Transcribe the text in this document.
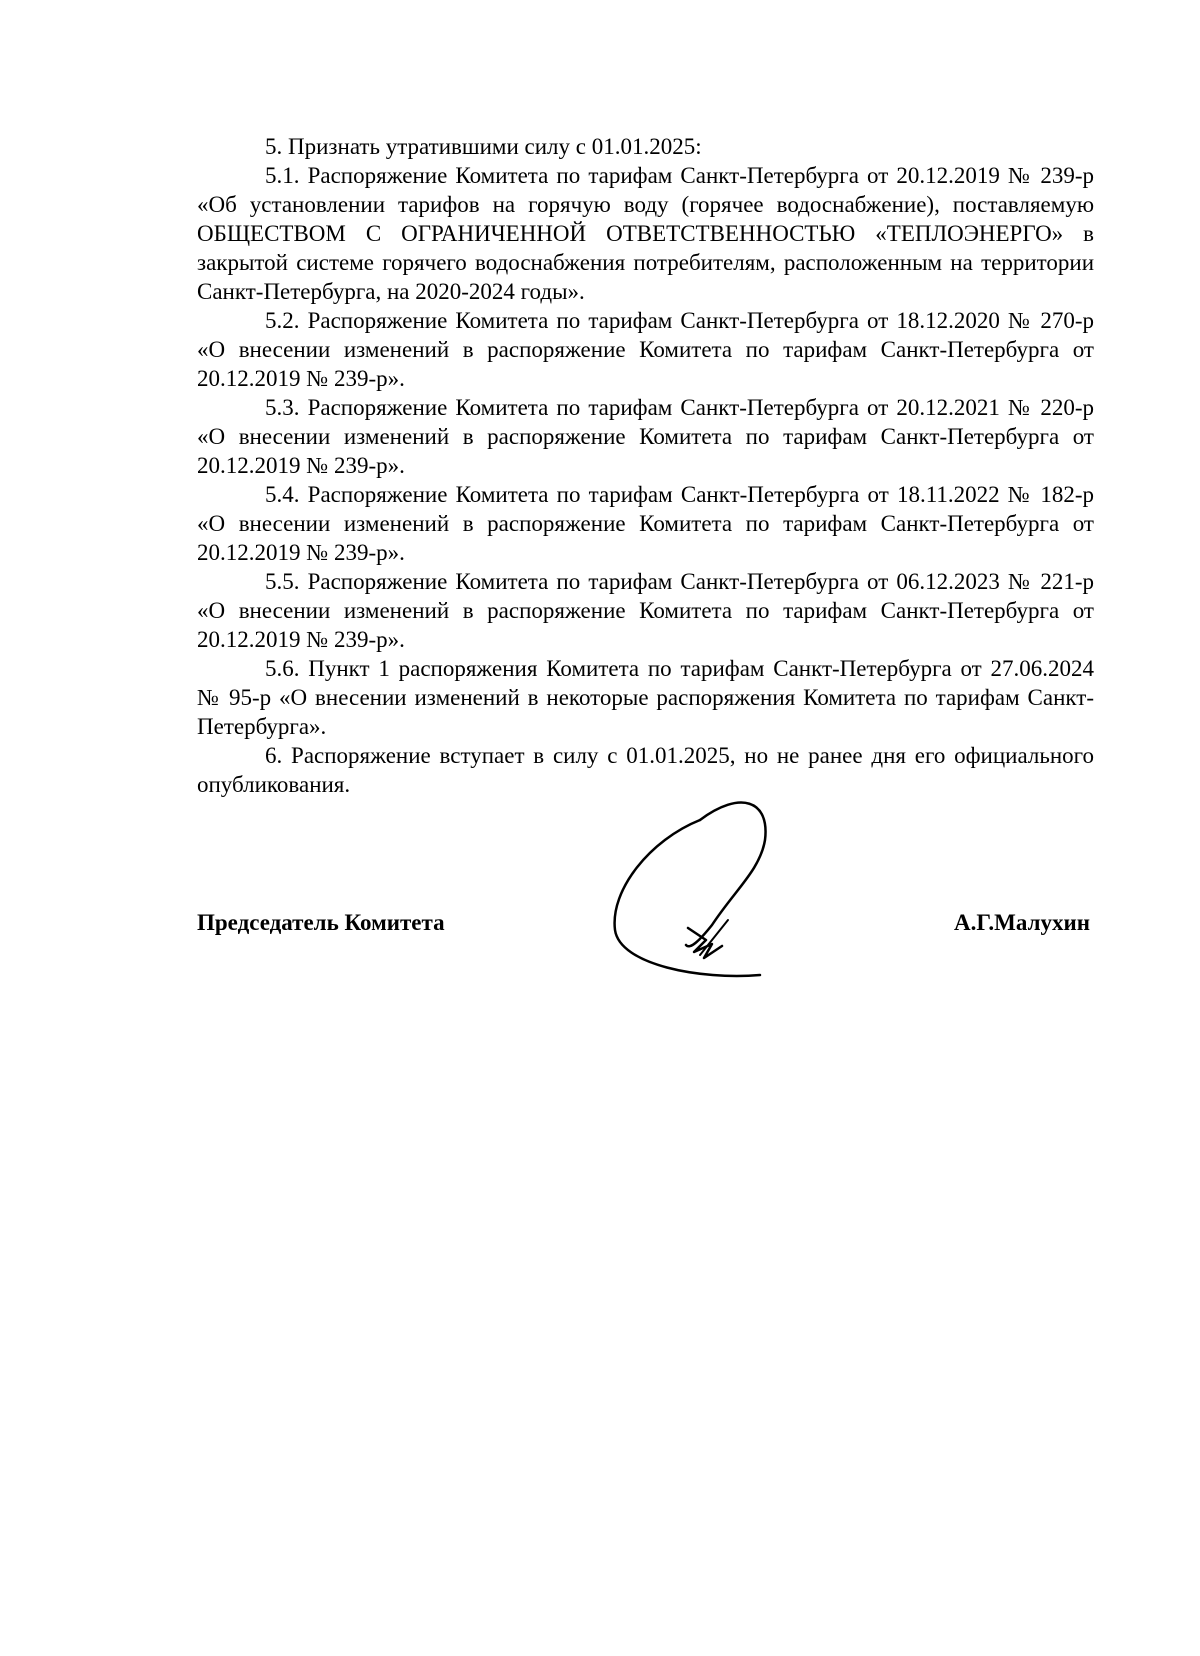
5. Признать утратившими силу с 01.01.2025:

5.1. Распоряжение Комитета по тарифам Санкт-Петербурга от 20.12.2019 № 239-р «Об установлении тарифов на горячую воду (горячее водоснабжение), поставляемую ОБЩЕСТВОМ С ОГРАНИЧЕННОЙ ОТВЕТСТВЕННОСТЬЮ «ТЕПЛОЭНЕРГО» в закрытой системе горячего водоснабжения потребителям, расположенным на территории Санкт-Петербурга, на 2020-2024 годы».

5.2. Распоряжение Комитета по тарифам Санкт-Петербурга от 18.12.2020 № 270-р «О внесении изменений в распоряжение Комитета по тарифам Санкт-Петербурга от 20.12.2019 № 239-р».

5.3. Распоряжение Комитета по тарифам Санкт-Петербурга от 20.12.2021 № 220-р «О внесении изменений в распоряжение Комитета по тарифам Санкт-Петербурга от 20.12.2019 № 239-р».

5.4. Распоряжение Комитета по тарифам Санкт-Петербурга от 18.11.2022 № 182-р «О внесении изменений в распоряжение Комитета по тарифам Санкт-Петербурга от 20.12.2019 № 239-р».

5.5. Распоряжение Комитета по тарифам Санкт-Петербурга от 06.12.2023 № 221-р «О внесении изменений в распоряжение Комитета по тарифам Санкт-Петербурга от 20.12.2019 № 239-р».

5.6. Пункт 1 распоряжения Комитета по тарифам Санкт-Петербурга от 27.06.2024 № 95-р «О внесении изменений в некоторые распоряжения Комитета по тарифам Санкт-Петербурга».

6. Распоряжение вступает в силу с 01.01.2025, но не ранее дня его официального опубликования.

Председатель Комитета	А.Г.Малухин
